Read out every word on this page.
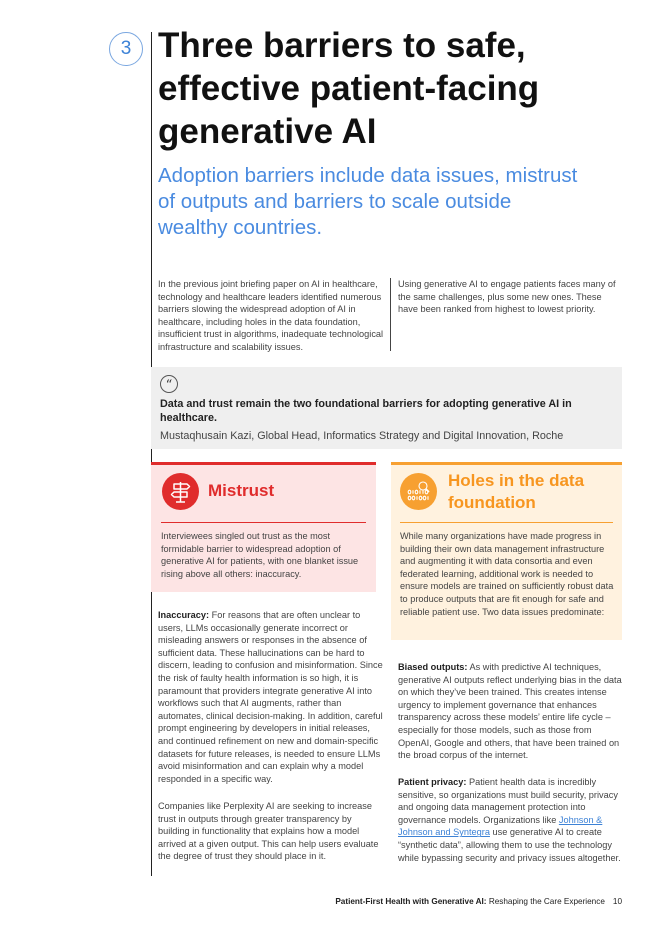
3 Three barriers to safe, effective patient-facing generative AI

Adoption barriers include data issues, mistrust of outputs and barriers to scale outside wealthy countries.

In the previous joint briefing paper on AI in healthcare, technology and healthcare leaders identified numerous barriers slowing the widespread adoption of AI in healthcare, including holes in the data foundation, insufficient trust in algorithms, inadequate technological infrastructure and scalability issues.

Using generative AI to engage patients faces many of the same challenges, plus some new ones. These have been ranked from highest to lowest priority.

“

Data and trust remain the two foundational barriers for adopting generative AI in healthcare.

Mustaqhusain Kazi, Global Head, Informatics Strategy and Digital Innovation, Roche

Mistrust

Interviewees singled out trust as the most formidable barrier to widespread adoption of generative AI for patients, with one blanket issue rising above all others: inaccuracy.

Holes in the data foundation

While many organizations have made progress in building their own data management infrastructure and augmenting it with data consortia and even federated learning, additional work is needed to ensure models are trained on sufficiently robust data to produce outputs that are fit enough for safe and reliable patient use. Two data issues predominate:

Inaccuracy: For reasons that are often unclear to users, LLMs occasionally generate incorrect or misleading answers or responses in the absence of sufficient data. These hallucinations can be hard to discern, leading to confusion and misinformation. Since the risk of faulty health information is so high, it is paramount that providers integrate generative AI into workflows such that AI augments, rather than automates, clinical decision-making. In addition, careful prompt engineering by developers in initial releases, and continued refinement on new and domain-specific datasets for future releases, is needed to ensure LLMs avoid misinformation and can explain why a model responded in a specific way.

Companies like Perplexity AI are seeking to increase trust in outputs through greater transparency by building in functionality that explains how a model arrived at a given output. This can help users evaluate the degree of trust they should place in it.

Biased outputs: As with predictive AI techniques, generative AI outputs reflect underlying bias in the data on which they’ve been trained. This creates intense urgency to implement governance that enhances transparency across these models’ entire life cycle – especially for those models, such as those from OpenAI, Google and others, that have been trained on the broad corpus of the internet.

Patient privacy: Patient health data is incredibly sensitive, so organizations must build security, privacy and ongoing data management protection into governance models. Organizations like Johnson & Johnson and Syntegra use generative AI to create “synthetic data”, allowing them to use the technology while bypassing security and privacy issues altogether.

Patient-First Health with Generative AI: Reshaping the Care Experience 10
